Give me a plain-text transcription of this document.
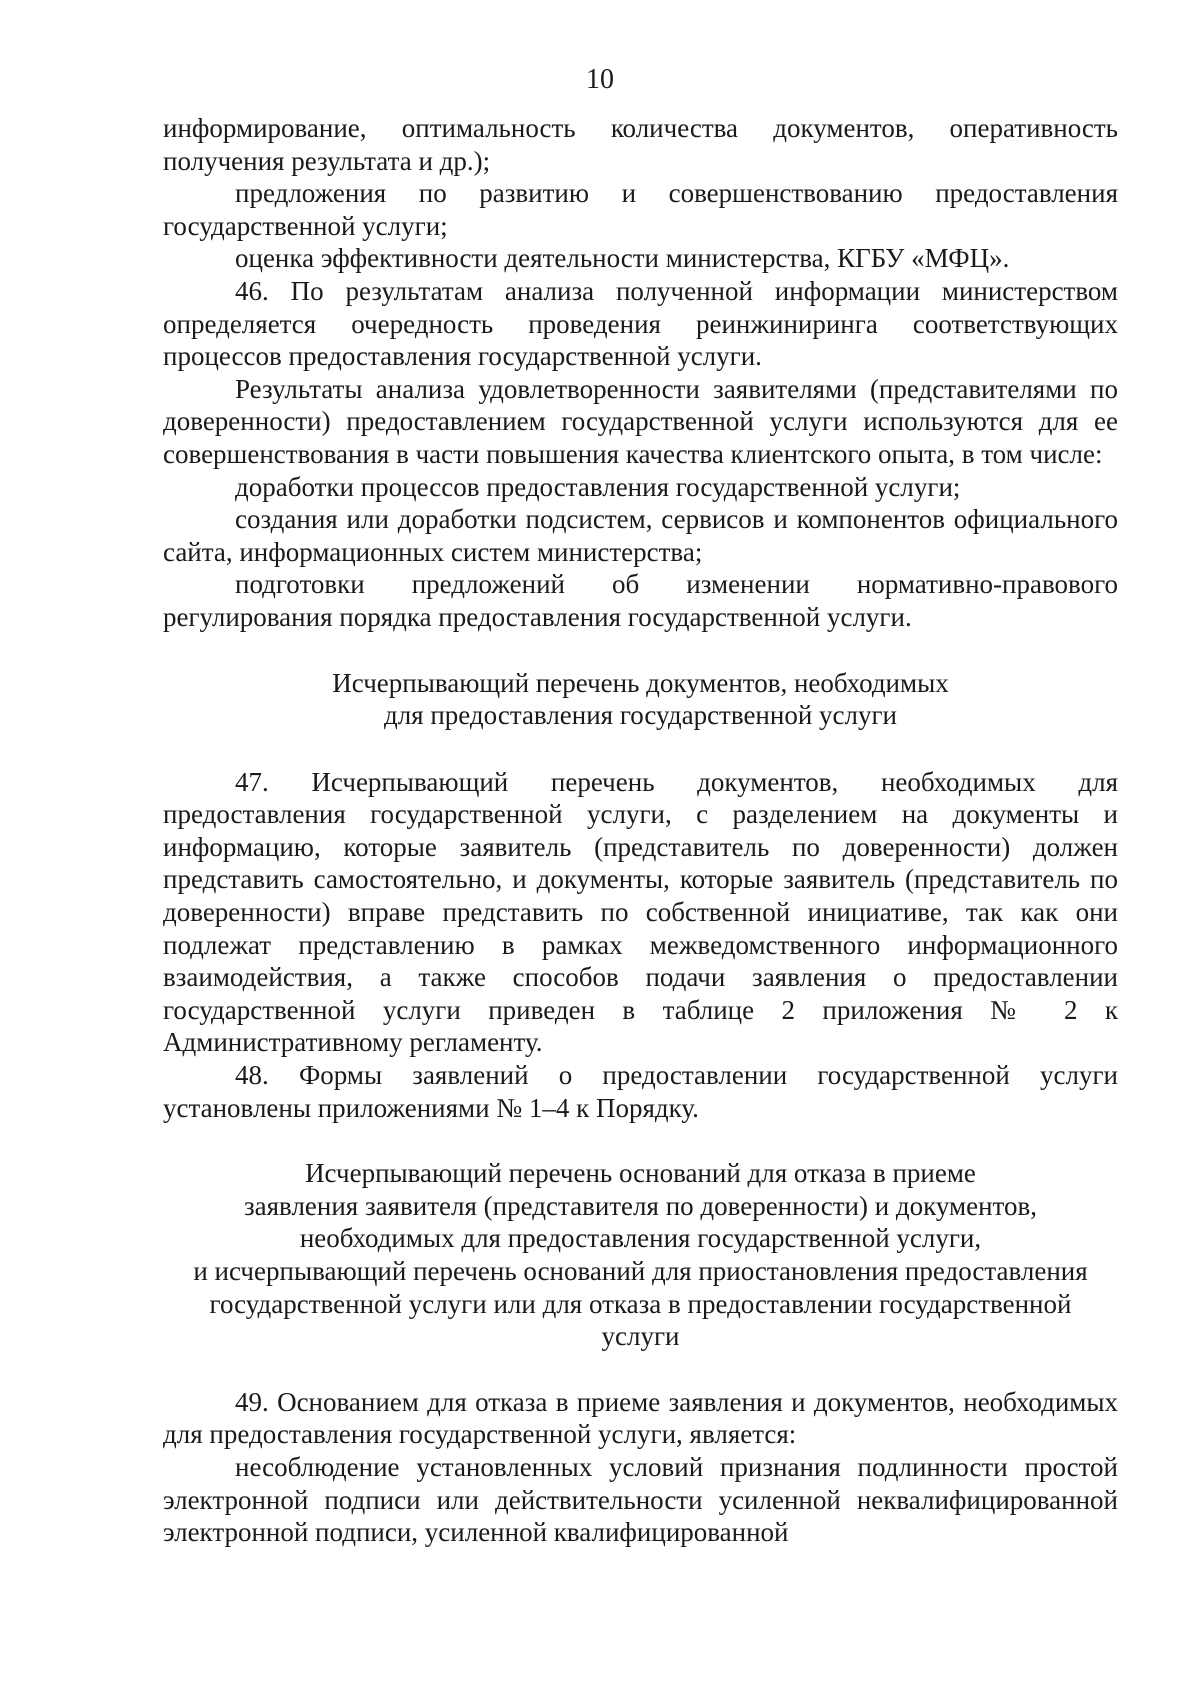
10

информирование, оптимальность количества документов, оперативность получения результата и др.);

предложения по развитию и совершенствованию предоставления государственной услуги;

оценка эффективности деятельности министерства, КГБУ «МФЦ».

46. По результатам анализа полученной информации министерством определяется очередность проведения реинжиниринга соответствующих процессов предоставления государственной услуги.

Результаты анализа удовлетворенности заявителями (представителями по доверенности) предоставлением государственной услуги используются для ее совершенствования в части повышения качества клиентского опыта, в том числе:

доработки процессов предоставления государственной услуги;

создания или доработки подсистем, сервисов и компонентов официального сайта, информационных систем министерства;

подготовки предложений об изменении нормативно-правового регулирования порядка предоставления государственной услуги.

Исчерпывающий перечень документов, необходимых

для предоставления государственной услуги

47. Исчерпывающий перечень документов, необходимых для предоставления государственной услуги, с разделением на документы и информацию, которые заявитель (представитель по доверенности) должен представить самостоятельно, и документы, которые заявитель (представитель по доверенности) вправе представить по собственной инициативе, так как они подлежат представлению в рамках межведомственного информационного взаимодействия, а также способов подачи заявления о предоставлении государственной услуги приведен в таблице 2 приложения № 2 к Административному регламенту.

48. Формы заявлений о предоставлении государственной услуги установлены приложениями № 1–4 к Порядку.

Исчерпывающий перечень оснований для отказа в приеме

заявления заявителя (представителя по доверенности) и документов,

необходимых для предоставления государственной услуги,

и исчерпывающий перечень оснований для приостановления предоставления

государственной услуги или для отказа в предоставлении государственной

услуги

49. Основанием для отказа в приеме заявления и документов, необходимых для предоставления государственной услуги, является:

несоблюдение установленных условий признания подлинности простой электронной подписи или действительности усиленной неквалифицированной электронной подписи, усиленной квалифицированной
